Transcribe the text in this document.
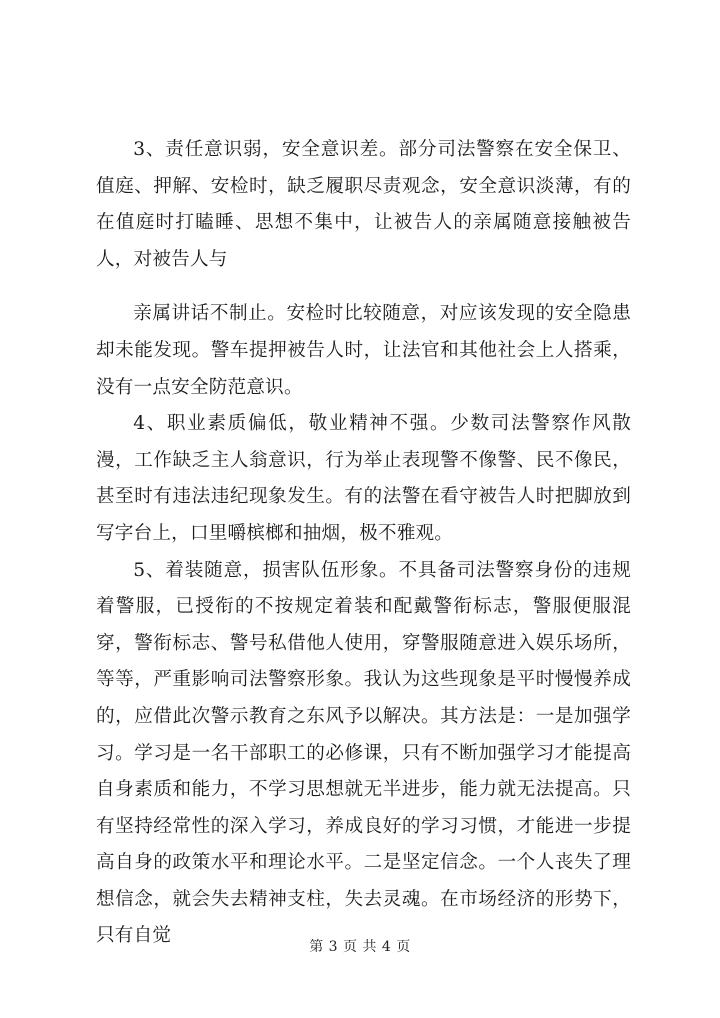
3、责任意识弱，安全意识差。部分司法警察在安全保卫、值庭、押解、安检时，缺乏履职尽责观念，安全意识淡薄，有的在值庭时打瞌睡、思想不集中，让被告人的亲属随意接触被告人，对被告人与

亲属讲话不制止。安检时比较随意，对应该发现的安全隐患却未能发现。警车提押被告人时，让法官和其他社会上人搭乘，没有一点安全防范意识。

4、职业素质偏低，敬业精神不强。少数司法警察作风散漫，工作缺乏主人翁意识，行为举止表现警不像警、民不像民，甚至时有违法违纪现象发生。有的法警在看守被告人时把脚放到写字台上，口里嚼槟榔和抽烟，极不雅观。

5、着装随意，损害队伍形象。不具备司法警察身份的违规着警服，已授衔的不按规定着装和配戴警衔标志，警服便服混穿，警衔标志、警号私借他人使用，穿警服随意进入娱乐场所，等等，严重影响司法警察形象。我认为这些现象是平时慢慢养成的，应借此次警示教育之东风予以解决。其方法是：一是加强学习。学习是一名干部职工的必修课，只有不断加强学习才能提高自身素质和能力，不学习思想就无半进步，能力就无法提高。只有坚持经常性的深入学习，养成良好的学习习惯，才能进一步提高自身的政策水平和理论水平。二是坚定信念。一个人丧失了理想信念，就会失去精神支柱，失去灵魂。在市场经济的形势下，只有自觉

第 3 页 共 4 页
